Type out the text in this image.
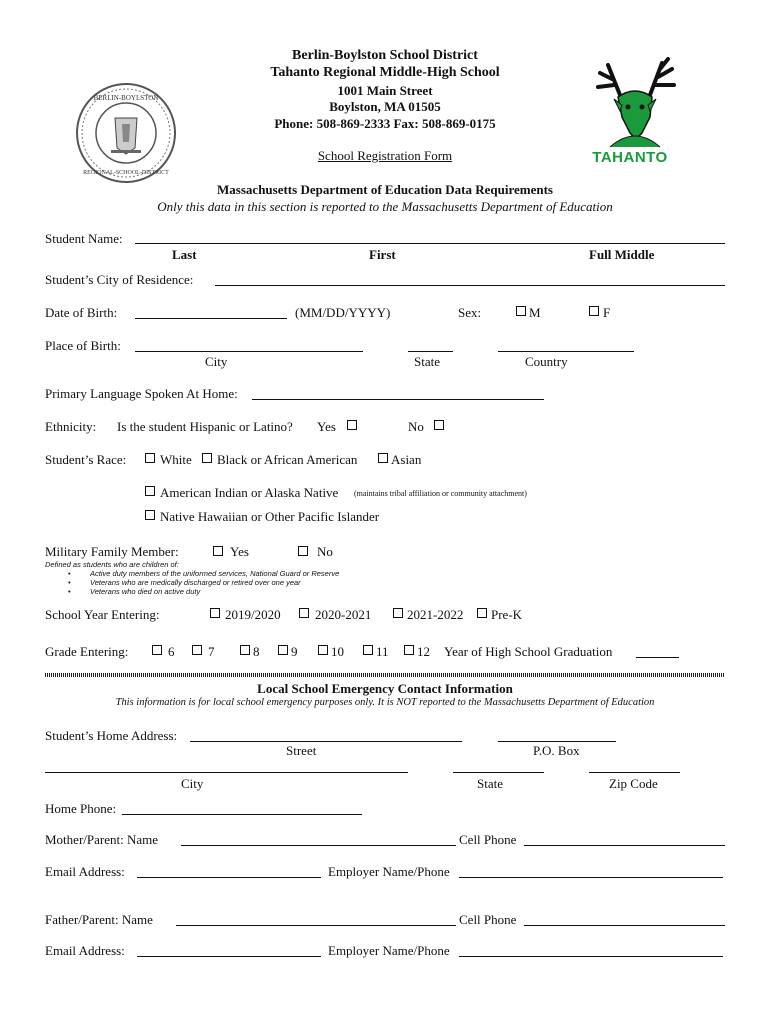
BERLIN-BOYLSTON
REGIONAL-SCHOOL-DISTRICT
Berlin-Boylston School District
Tahanto Regional Middle-High School
1001 Main Street
Boylston, MA 01505
Phone: 508-869-2333 Fax: 508-869-0175
School Registration Form	TAHANTO
Massachusetts Department of Education Data Requirements
Only this data in this section is reported to the Massachusetts Department of Education
Student Name:
Last	First	Full Middle
Student’s City of Residence:
Date of Birth:	(MM/DD/YYYY)	Sex:	M	F
Place of Birth:
City	State	Country
Primary Language Spoken At Home:
Ethnicity: Is the student Hispanic or Latino? Yes	No
Student’s Race:	White Black or African American	Asian
American Indian or Alaska Native (maintains tribal affiliation or community attachment)
Native Hawaiian or Other Pacific Islander
Military Family Member:	Yes	No
Defined as students who are children of:
• Active duty members of the uniformed services, National Guard or Reserve
• Veterans who are medically discharged or retired over one year
• Veterans who died on active duty
School Year Entering:	2019/2020	2020-2021	2021-2022 Pre-K
Grade Entering:	6	7	8 9	10 11 12 Year of High School Graduation
Local School Emergency Contact Information
This information is for local school emergency purposes only. It is NOT reported to the Massachusetts Department of Education
Student’s Home Address:
Street	P.O. Box
City	State	Zip Code
Home Phone:
Mother/Parent: Name	Cell Phone
Email Address:	Employer Name/Phone
Father/Parent: Name	Cell Phone
Email Address:	Employer Name/Phone
